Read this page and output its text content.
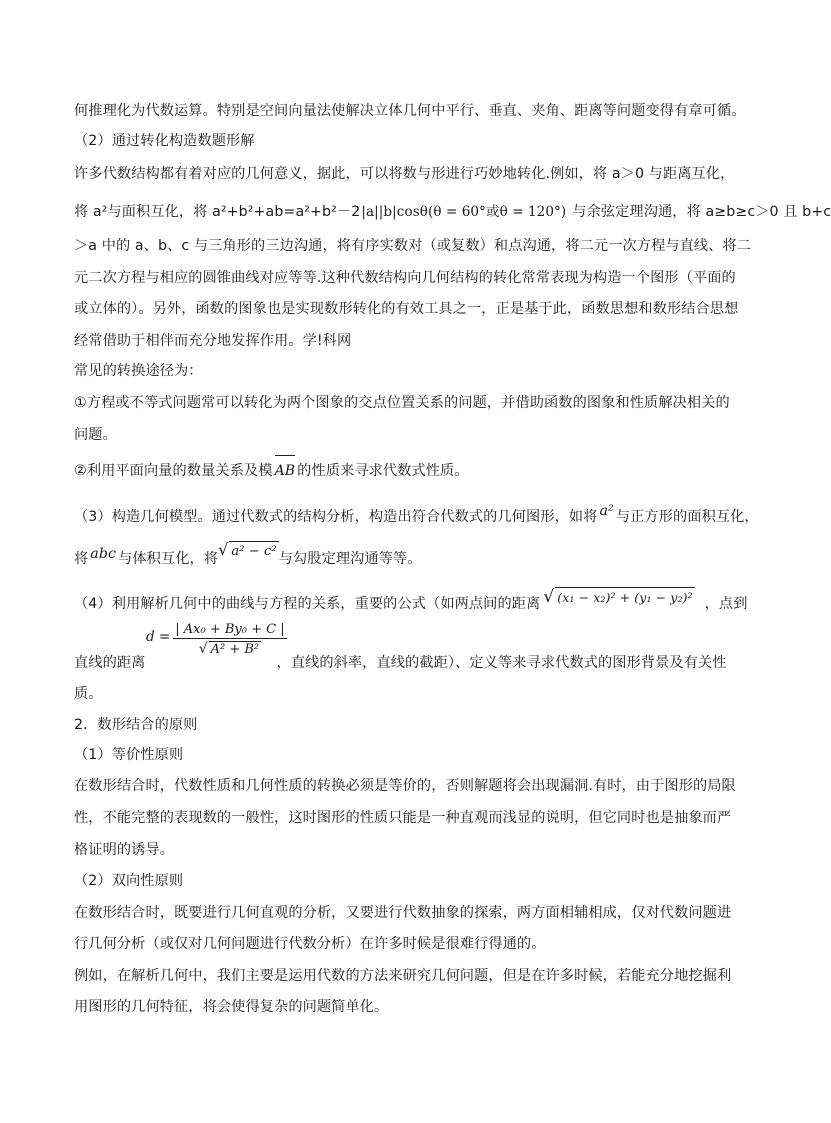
何推理化为代数运算。特别是空间向量法使解决立体几何中平行、垂直、夹角、距离等问题变得有章可循。
（2）通过转化构造数题形解
许多代数结构都有着对应的几何意义，据此，可以将数与形进行巧妙地转化.例如，将 a＞0 与距离互化，
将 a²与面积互化，将 a²+b²+ab=a²+b²－2|a||b|cosθ(θ = 60°或θ = 120°) 与余弦定理沟通，将 a≥b≥c＞0 且 b+c
＞a 中的 a、b、c 与三角形的三边沟通，将有序实数对（或复数）和点沟通，将二元一次方程与直线、将二
元二次方程与相应的圆锥曲线对应等等.这种代数结构向几何结构的转化常常表现为构造一个图形（平面的
或立体的）。另外，函数的图象也是实现数形转化的有效工具之一，正是基于此，函数思想和数形结合思想
经常借助于相伴而充分地发挥作用。学!科网
常见的转换途径为：
①方程或不等式问题常可以转化为两个图象的交点位置关系的问题，并借助函数的图象和性质解决相关的
问题。
②利用平面向量的数量关系及模 AB 的性质来寻求代数式性质。
（3）构造几何模型。通过代数式的结构分析，构造出符合代数式的几何图形，如将 a² 与正方形的面积互化，
将 abc 与体积互化，将√ a² − c² 与勾股定理沟通等等。
（4）利用解析几何中的曲线与方程的关系，重要的公式（如两点间的距离 √ (x₁ − x₂)² + (y₁ − y₂)² ，点到
$d = \frac{\text{| Ax₀ + By₀ + C |}}{\text{√ A² + B²}}$
直线的距离	，直线的斜率，直线的截距）、定义等来寻求代数式的图形背景及有关性
质。
2．数形结合的原则
（1）等价性原则
在数形结合时，代数性质和几何性质的转换必须是等价的，否则解题将会出现漏洞.有时，由于图形的局限
性，不能完整的表现数的一般性，这时图形的性质只能是一种直观而浅显的说明，但它同时也是抽象而严
格证明的诱导。
（2）双向性原则
在数形结合时，既要进行几何直观的分析，又要进行代数抽象的探索，两方面相辅相成，仅对代数问题进
行几何分析（或仅对几何问题进行代数分析）在许多时候是很难行得通的。
例如，在解析几何中，我们主要是运用代数的方法来研究几何问题，但是在许多时候，若能充分地挖掘利
用图形的几何特征，将会使得复杂的问题简单化。
